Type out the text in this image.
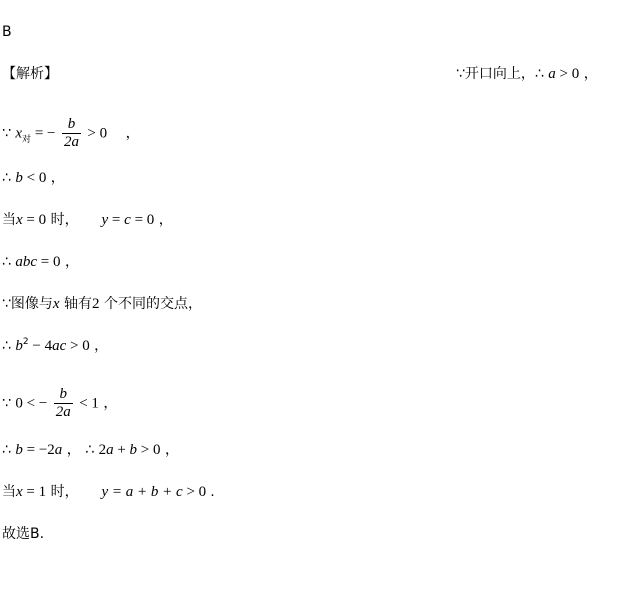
B
【解析】	∵开口向上，∴ a > 0 ，
∵ $x_对$ = − $\frac{b}{2a} > 0$ ，
∴ b < 0 ，
当x = 0 时， y = c = 0 ，
∴ abc = 0 ，
∵图像与x 轴有2 个不同的交点，
∴ $b^2 - 4ac > 0$ ，
∵ 0 < − $\frac{b}{2a} < 1$ ，
∴ b = −2a ， ∴ 2a + b > 0 ，
当x = 1 时， y = a + b + c > 0 .
故选B.
